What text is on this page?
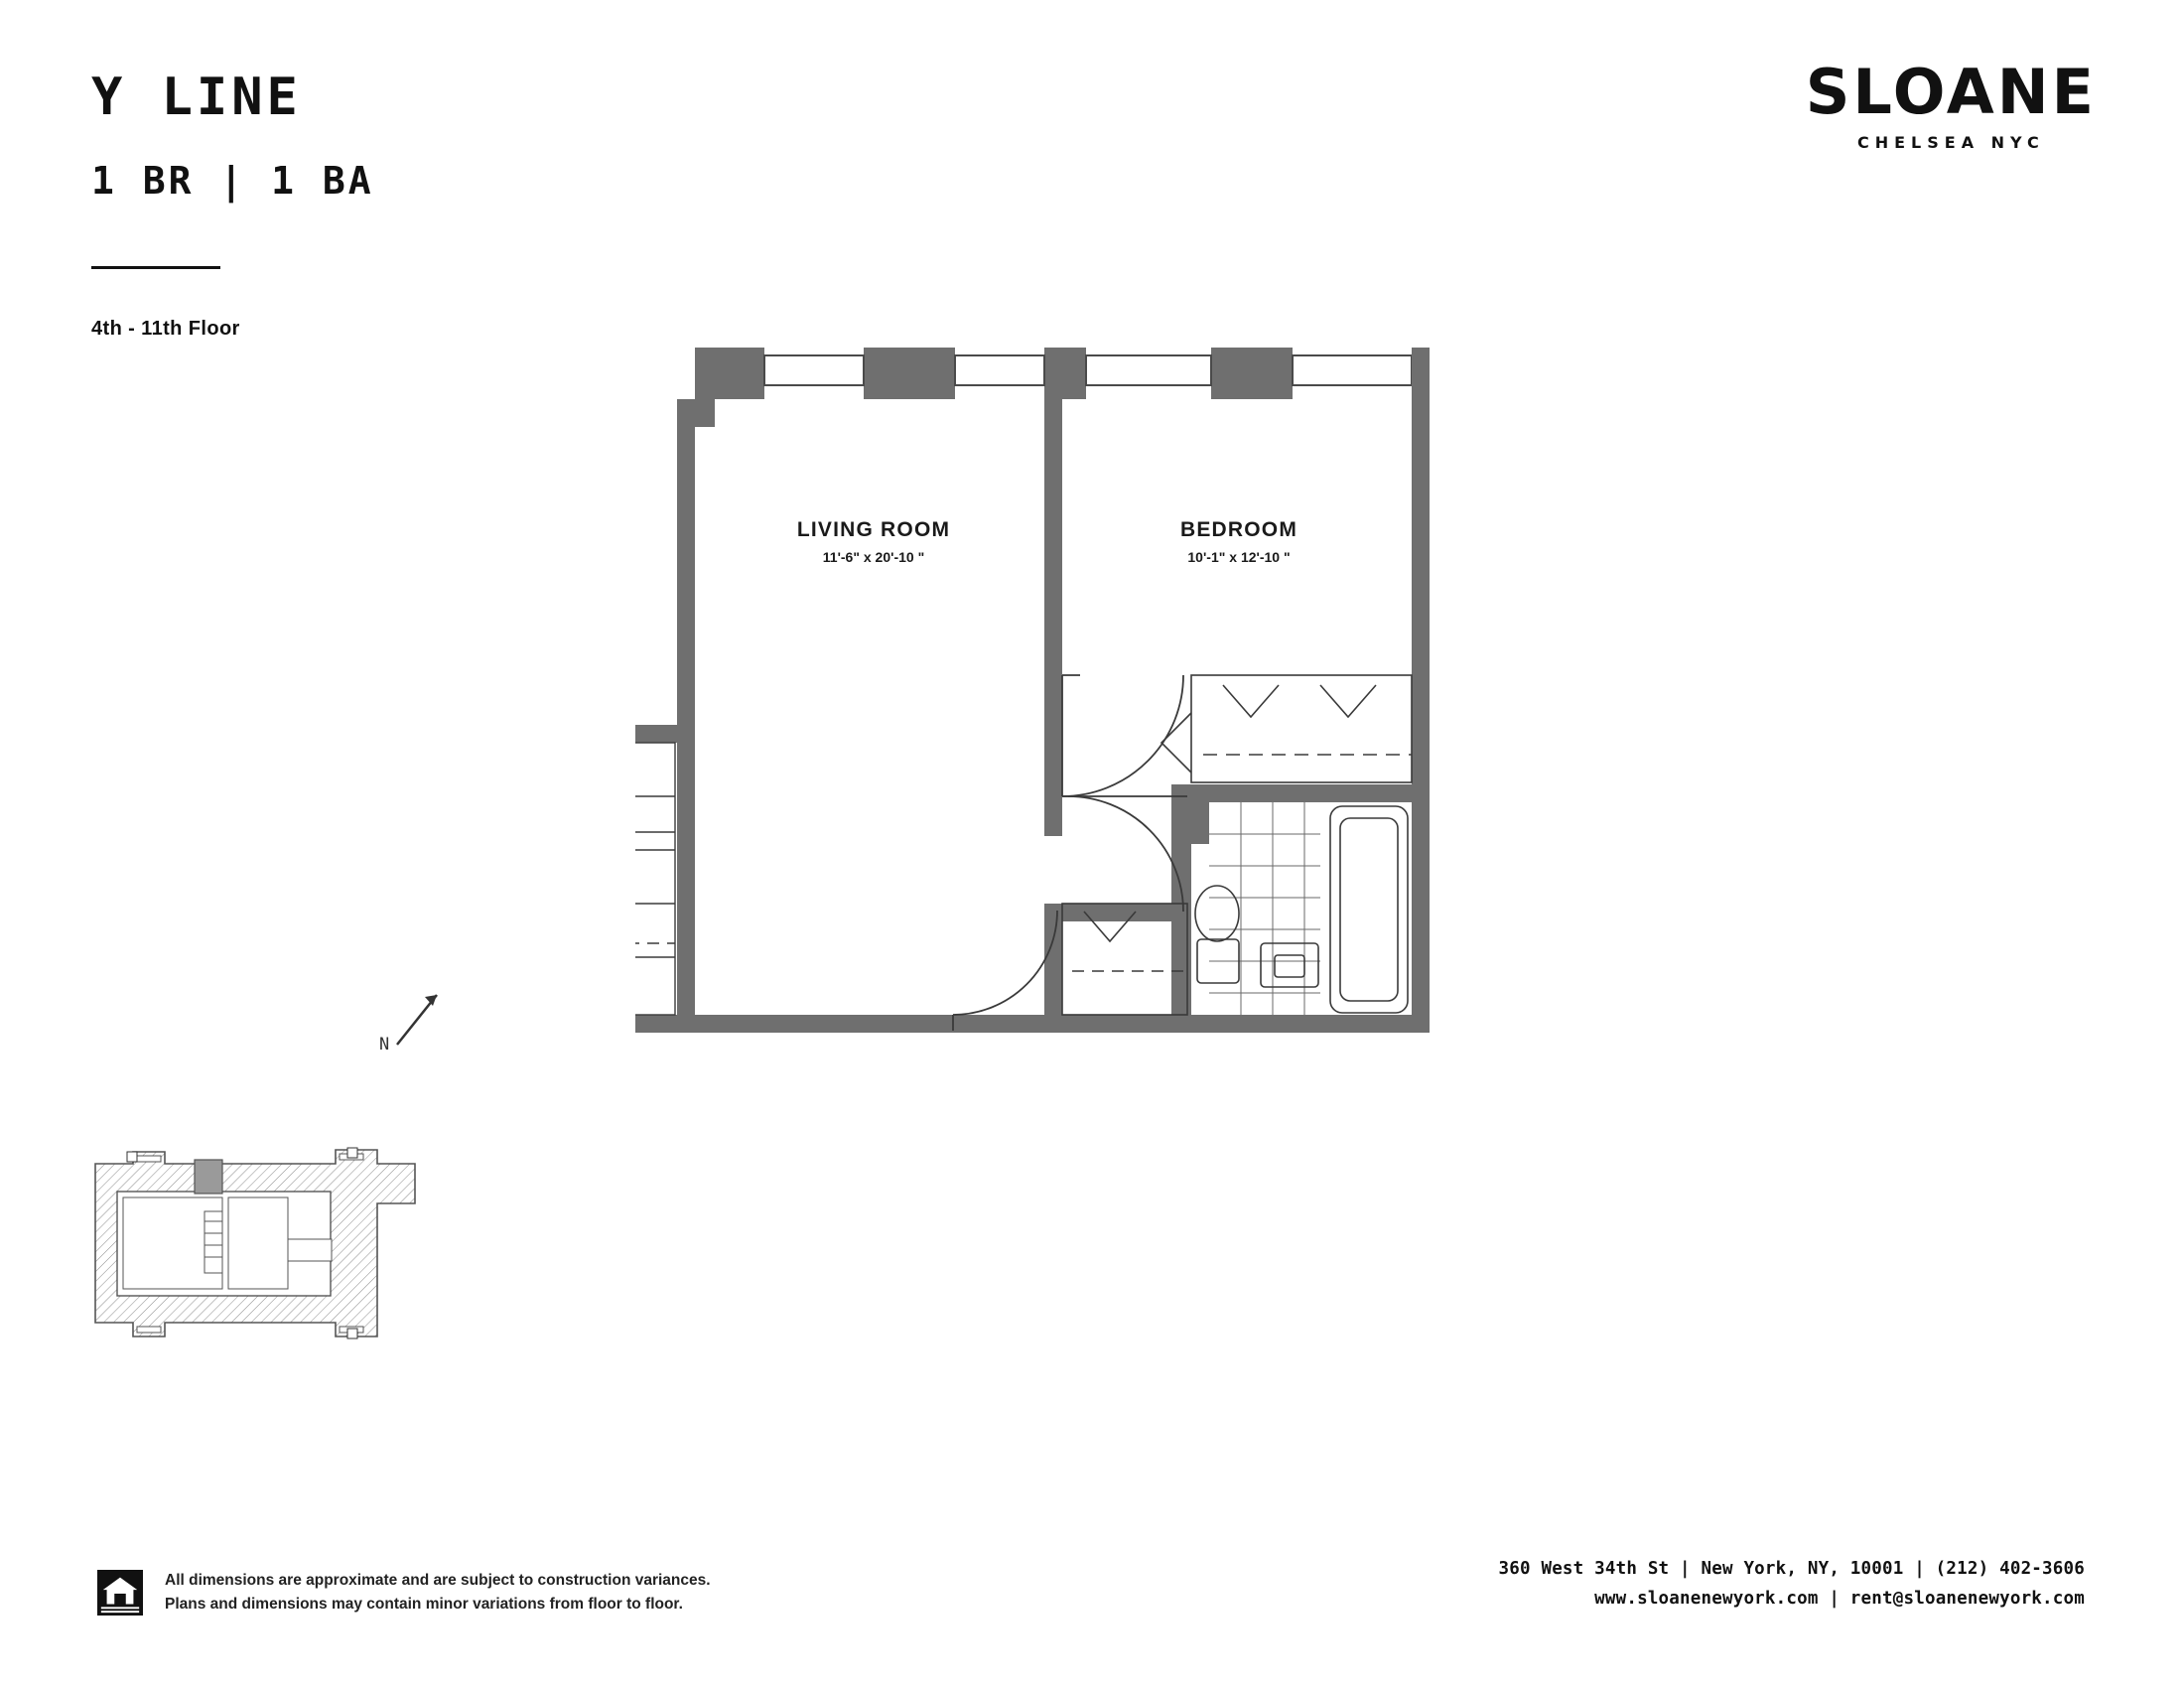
Y LINE
1 BR | 1 BA
4th - 11th Floor
SLOANE
CHELSEA NYC
N
LIVING ROOM
11'-6" x 20'-10 "
BEDROOM
10'-1" x 12'-10 "
All dimensions are approximate and are subject to construction variances.
Plans and dimensions may contain minor variations from floor to floor.
360 West 34th St | New York, NY, 10001 | (212) 402-3606
www.sloanenewyork.com | rent@sloanenewyork.com
